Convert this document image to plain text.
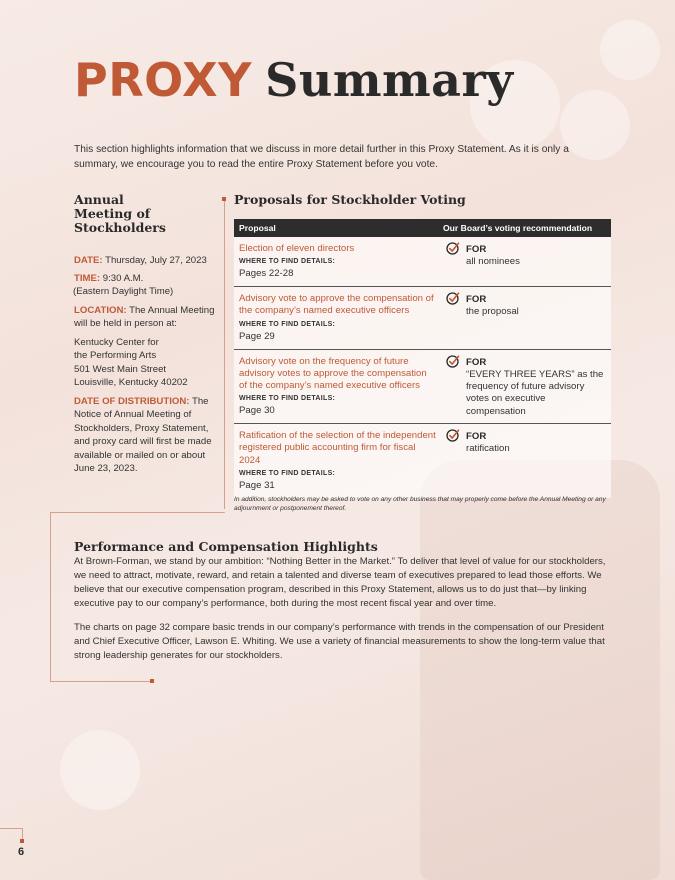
PROXY Summary

This section highlights information that we discuss in more detail further in this Proxy Statement. As it is only a summary, we encourage you to read the entire Proxy Statement before you vote.

Annual Meeting of Stockholders

DATE: Thursday, July 27, 2023

TIME: 9:30 A.M.

(Eastern Daylight Time)

LOCATION: The Annual Meeting will be held in person at:

Kentucky Center for

the Performing Arts

501 West Main Street

Louisville, Kentucky 40202

DATE OF DISTRIBUTION: The Notice of Annual Meeting of Stockholders, Proxy Statement, and proxy card will first be made available or mailed on or about June 23, 2023.

Proposals for Stockholder Voting
Proposal	Our Board’s voting recommendation
Election of eleven directors
WHERE TO FIND DETAILS:
Pages 22-28
FOR
all nominees
Advisory vote to approve the compensation of the company’s named executive officers
WHERE TO FIND DETAILS:
Page 29
FOR
the proposal
Advisory vote on the frequency of future advisory votes to approve the compensation of the company’s named executive officers
WHERE TO FIND DETAILS:
Page 30
FOR
“EVERY THREE YEARS” as the frequency of future advisory votes on executive compensation
Ratification of the selection of the independent registered public accounting firm for fiscal 2024
WHERE TO FIND DETAILS:
Page 31
FOR
ratification

In addition, stockholders may be asked to vote on any other business that may properly come before the Annual Meeting or any adjournment or postponement thereof.

Performance and Compensation Highlights

At Brown-Forman, we stand by our ambition: “Nothing Better in the Market.” To deliver that level of value for our stockholders, we need to attract, motivate, reward, and retain a talented and diverse team of executives prepared to lead those efforts. We believe that our executive compensation program, described in this Proxy Statement, allows us to do just that—by linking executive pay to our company’s performance, both during the most recent fiscal year and over time.

The charts on page 32 compare basic trends in our company’s performance with trends in the compensation of our President and Chief Executive Officer, Lawson E. Whiting. We use a variety of financial measurements to show the long-term value that strong leadership generates for our stockholders.

6
